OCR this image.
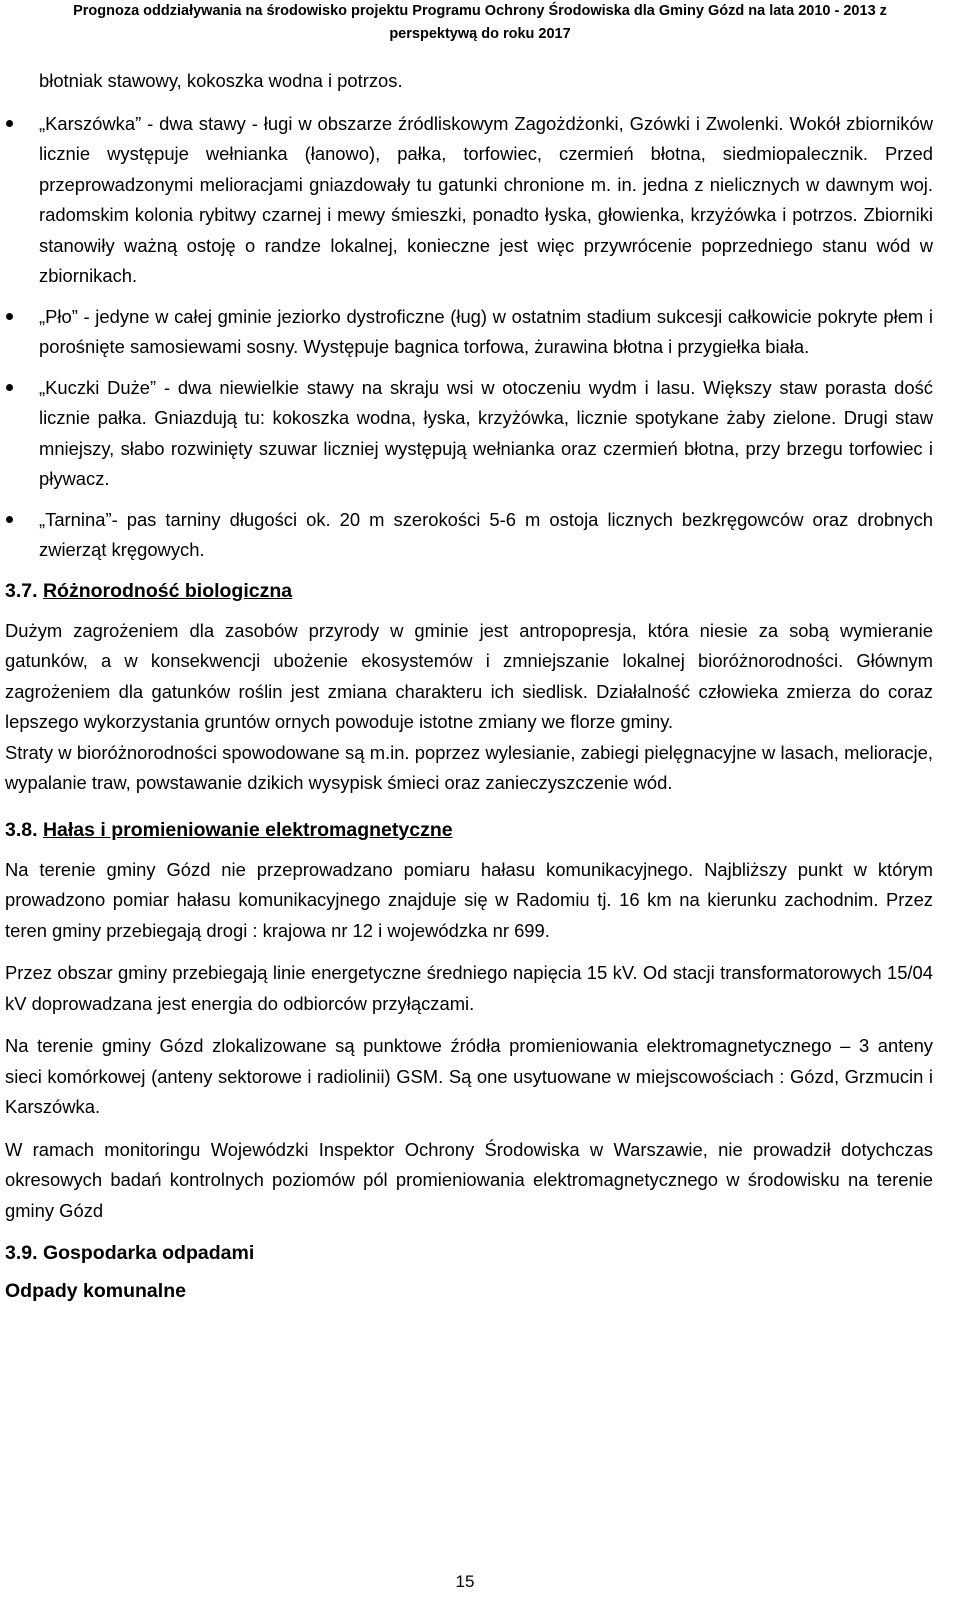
Prognoza oddziaływania na środowisko projektu Programu Ochrony Środowiska dla Gminy Gózd na lata 2010 - 2013 z
perspektywą do roku 2017
błotniak stawowy, kokoszka wodna i potrzos.
„Karszówka” - dwa stawy - ługi w obszarze źródliskowym Zagożdżonki, Gzówki i Zwolenki. Wokół zbiorników licznie występuje wełnianka (łanowo), pałka, torfowiec, czermień błotna, siedmiopalecznik. Przed przeprowadzonymi melioracjami gniazdowały tu gatunki chronione m. in. jedna z nielicznych w dawnym woj. radomskim kolonia rybitwy czarnej i mewy śmieszki, ponadto łyska, głowienka, krzyżówka i potrzos. Zbiorniki stanowiły ważną ostoję o randze lokalnej, konieczne jest więc przywrócenie poprzedniego stanu wód w zbiornikach.
„Pło” - jedyne w całej gminie jeziorko dystroficzne (ług) w ostatnim stadium sukcesji całkowicie pokryte płem i porośnięte samosiewami sosny. Występuje bagnica torfowa, żurawina błotna i przygiełka biała.
„Kuczki Duże” - dwa niewielkie stawy na skraju wsi w otoczeniu wydm i lasu. Większy staw porasta dość licznie pałka. Gniazdują tu: kokoszka wodna, łyska, krzyżówka, licznie spotykane żaby zielone. Drugi staw mniejszy, słabo rozwinięty szuwar liczniej występują wełnianka oraz czermień błotna, przy brzegu torfowiec i pływacz.
„Tarnina”- pas tarniny długości ok. 20 m szerokości 5-6 m ostoja licznych bezkręgowców oraz drobnych zwierząt kręgowych.
3.7. Różnorodność biologiczna

Dużym zagrożeniem dla zasobów przyrody w gminie jest antropopresja, która niesie za sobą wymieranie gatunków, a w konsekwencji ubożenie ekosystemów i zmniejszanie lokalnej bioróżnorodności. Głównym zagrożeniem dla gatunków roślin jest zmiana charakteru ich siedlisk. Działalność człowieka zmierza do coraz lepszego wykorzystania gruntów ornych powoduje istotne zmiany we florze gminy.

Straty w bioróżnorodności spowodowane są m.in. poprzez wylesianie, zabiegi pielęgnacyjne w lasach, melioracje, wypalanie traw, powstawanie dzikich wysypisk śmieci oraz zanieczyszczenie wód.

3.8. Hałas i promieniowanie elektromagnetyczne

Na terenie gminy Gózd nie przeprowadzano pomiaru hałasu komunikacyjnego. Najbliższy punkt w którym prowadzono pomiar hałasu komunikacyjnego znajduje się w Radomiu tj. 16 km na kierunku zachodnim. Przez teren gminy przebiegają drogi : krajowa nr 12 i wojewódzka nr 699.

Przez obszar gminy przebiegają linie energetyczne średniego napięcia 15 kV. Od stacji transformatorowych 15/04 kV doprowadzana jest energia do odbiorców przyłączami.

Na terenie gminy Gózd zlokalizowane są punktowe źródła promieniowania elektromagnetycznego – 3 anteny sieci komórkowej (anteny sektorowe i radiolinii) GSM. Są one usytuowane w miejscowościach : Gózd, Grzmucin i Karszówka.

W ramach monitoringu Wojewódzki Inspektor Ochrony Środowiska w Warszawie, nie prowadził dotychczas okresowych badań kontrolnych poziomów pól promieniowania elektromagnetycznego w środowisku na terenie gminy Gózd

3.9. Gospodarka odpadami
Odpady komunalne
15
